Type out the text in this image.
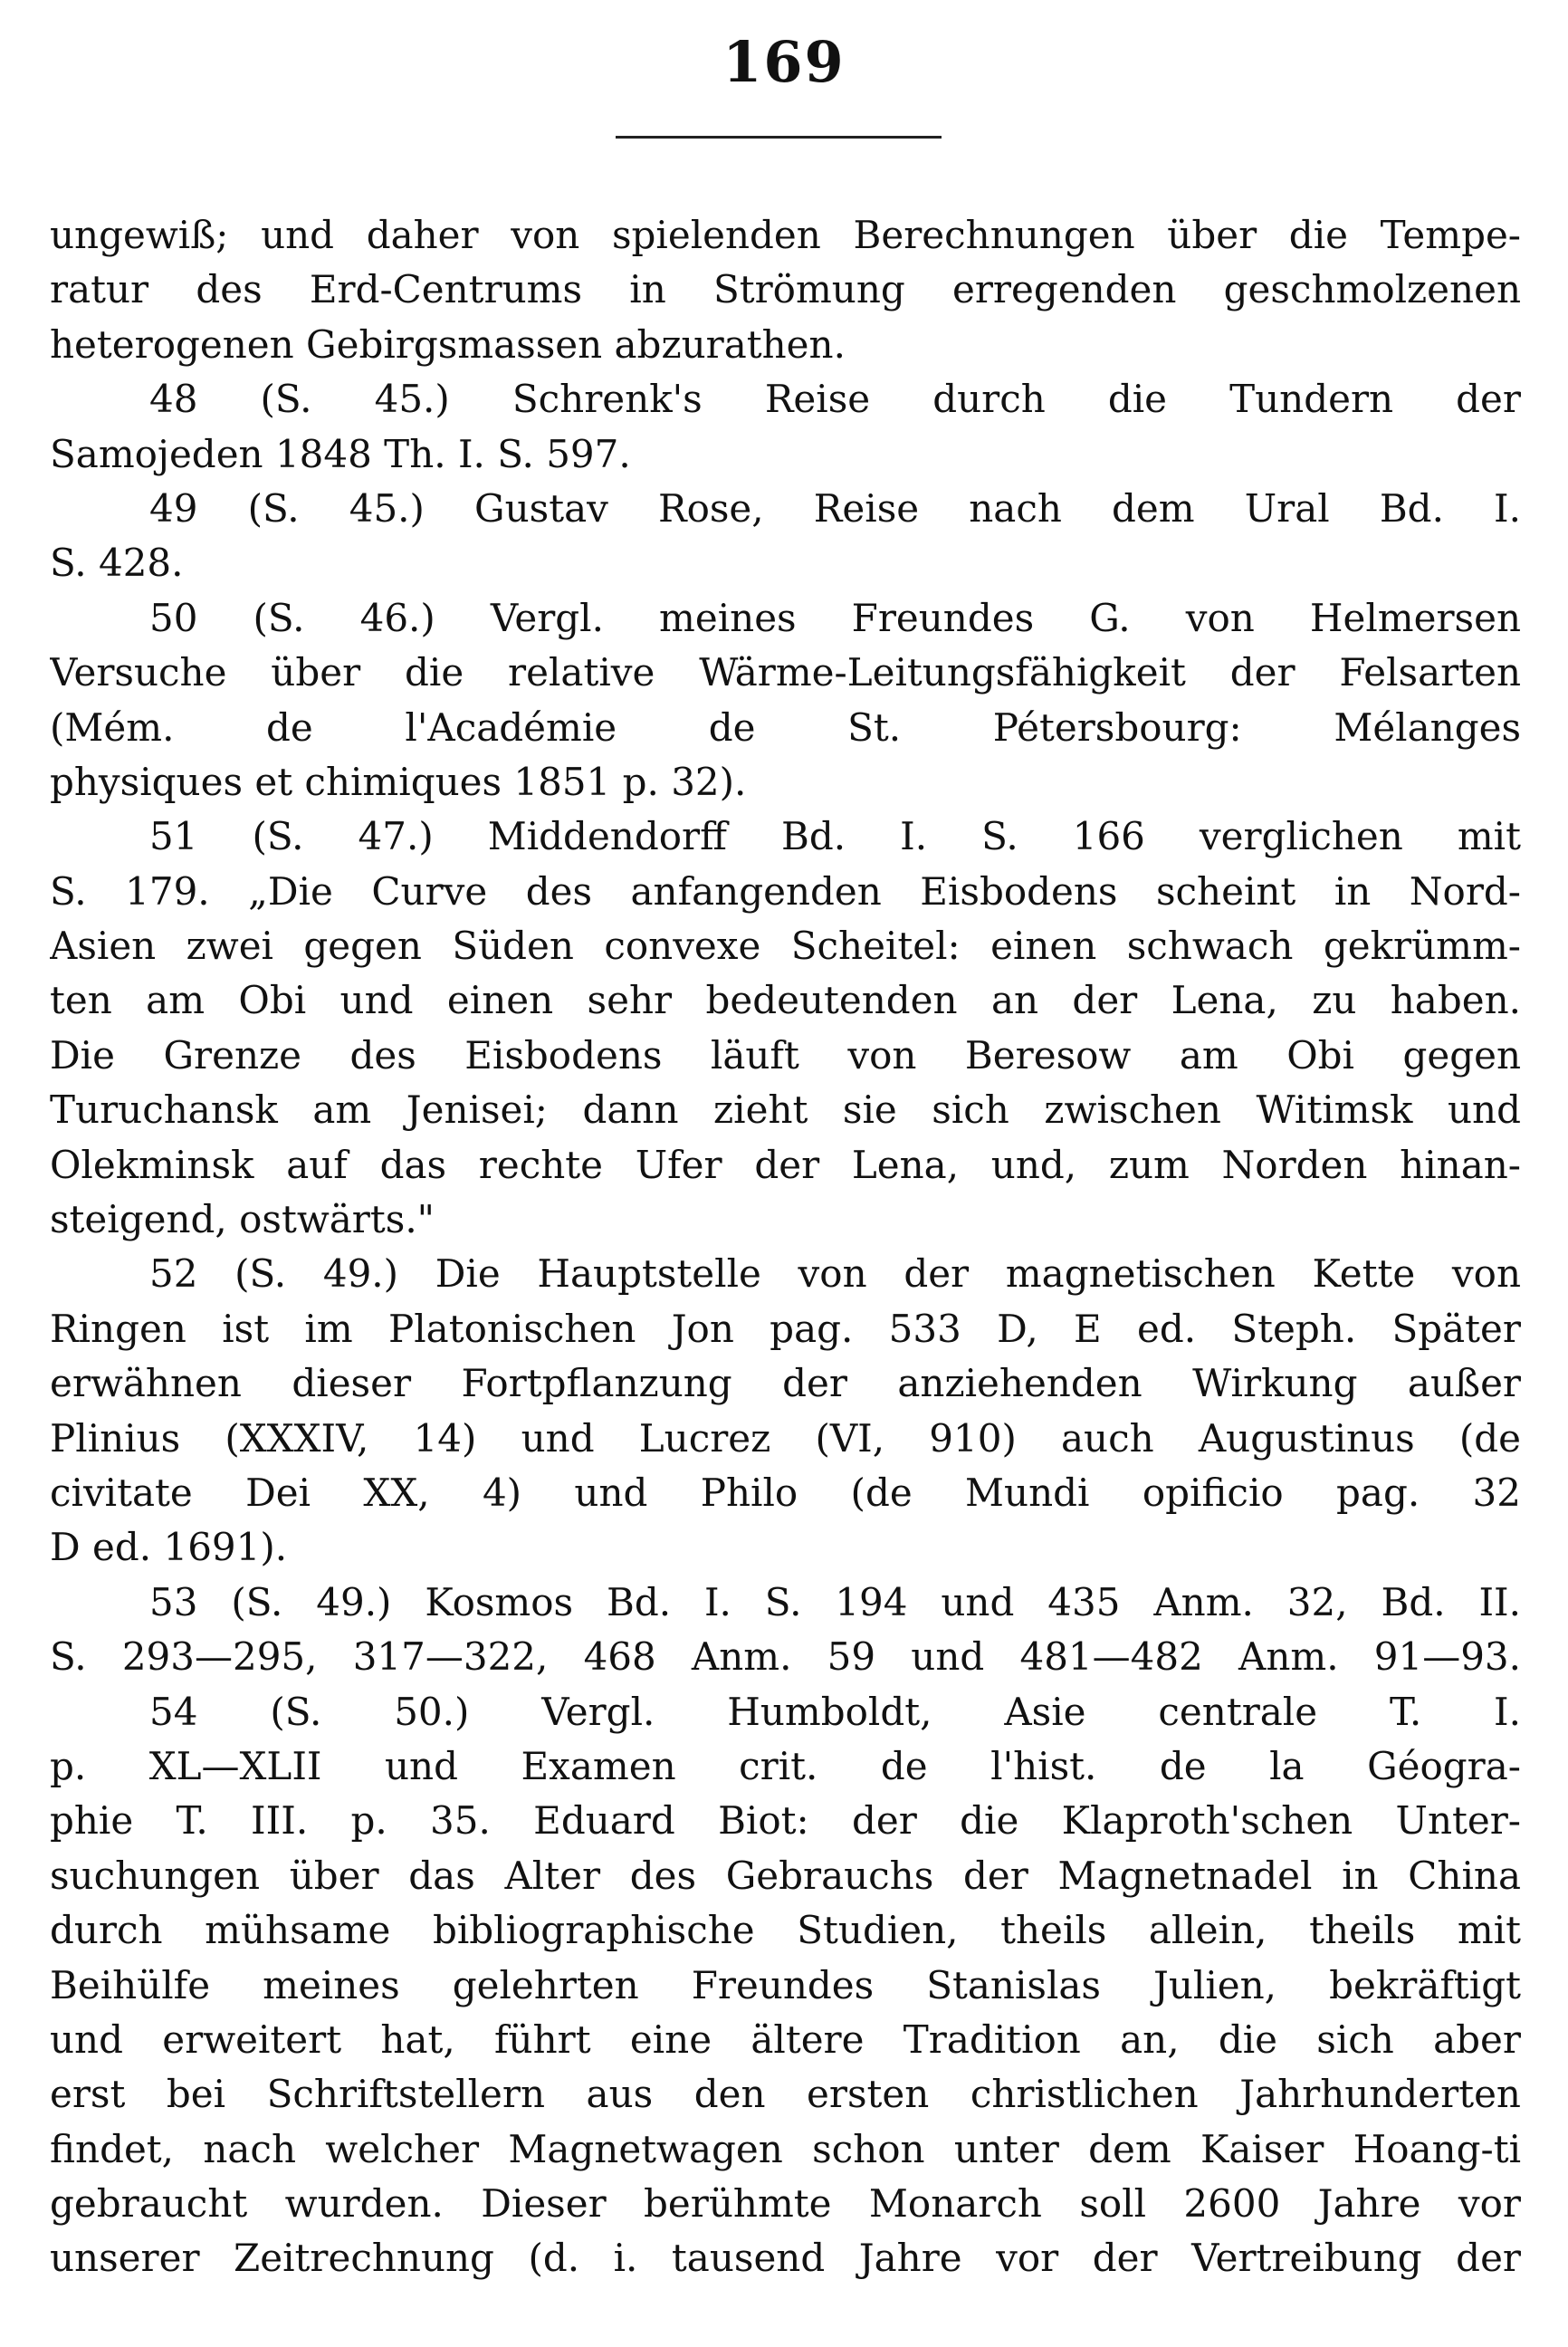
169
ungewiß; und daher von spielenden Berechnungen über die Tempe-
ratur des Erd-Centrums in Strömung erregenden geschmolzenen
heterogenen Gebirgsmassen abzurathen.
48 (S. 45.) Schrenk's Reise durch die Tundern der
Samojeden 1848 Th. I. S. 597.
49 (S. 45.) Gustav Rose, Reise nach dem Ural Bd. I.
S. 428.
50 (S. 46.) Vergl. meines Freundes G. von Helmersen
Versuche über die relative Wärme-Leitungsfähigkeit der Felsarten
(Mém. de l'Académie de St. Pétersbourg: Mélanges
physiques et chimiques 1851 p. 32).
51 (S. 47.) Middendorff Bd. I. S. 166 verglichen mit
S. 179. „Die Curve des anfangenden Eisbodens scheint in Nord-
Asien zwei gegen Süden convexe Scheitel: einen schwach gekrümm-
ten am Obi und einen sehr bedeutenden an der Lena, zu haben.
Die Grenze des Eisbodens läuft von Beresow am Obi gegen
Turuchansk am Jenisei; dann zieht sie sich zwischen Witimsk und
Olekminsk auf das rechte Ufer der Lena, und, zum Norden hinan-
steigend, ostwärts."
52 (S. 49.) Die Hauptstelle von der magnetischen Kette von
Ringen ist im Platonischen Jon pag. 533 D, E ed. Steph. Später
erwähnen dieser Fortpflanzung der anziehenden Wirkung außer
Plinius (XXXIV, 14) und Lucrez (VI, 910) auch Augustinus (de
civitate Dei XX, 4) und Philo (de Mundi opificio pag. 32
D ed. 1691).
53 (S. 49.) Kosmos Bd. I. S. 194 und 435 Anm. 32, Bd. II.
S. 293—295, 317—322, 468 Anm. 59 und 481—482 Anm. 91—93.
54 (S. 50.) Vergl. Humboldt, Asie centrale T. I.
p. XL—XLII und Examen crit. de l'hist. de la Géogra-
phie T. III. p. 35. Eduard Biot: der die Klaproth'schen Unter-
suchungen über das Alter des Gebrauchs der Magnetnadel in China
durch mühsame bibliographische Studien, theils allein, theils mit
Beihülfe meines gelehrten Freundes Stanislas Julien, bekräftigt
und erweitert hat, führt eine ältere Tradition an, die sich aber
erst bei Schriftstellern aus den ersten christlichen Jahrhunderten
findet, nach welcher Magnetwagen schon unter dem Kaiser Hoang-ti
gebraucht wurden. Dieser berühmte Monarch soll 2600 Jahre vor
unserer Zeitrechnung (d. i. tausend Jahre vor der Vertreibung der
